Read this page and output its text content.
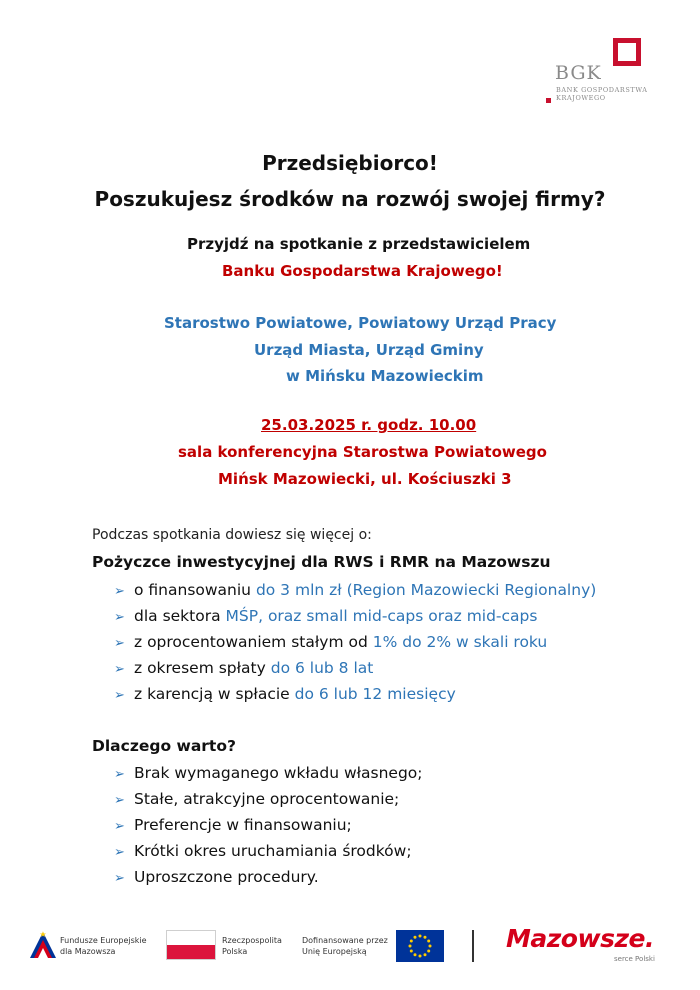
BGK
BANK GOSPODARSTWA
KRAJOWEGO
Przedsiębiorco!
Poszukujesz środków na rozwój swojej firmy?
Przyjdź na spotkanie z przedstawicielem
Banku Gospodarstwa Krajowego!
Starostwo Powiatowe, Powiatowy Urząd Pracy
Urząd Miasta, Urząd Gminy
w Mińsku Mazowieckim
25.03.2025 r. godz. 10.00
sala konferencyjna Starostwa Powiatowego
Mińsk Mazowiecki, ul. Kościuszki 3
Podczas spotkania dowiesz się więcej o:
Pożyczce inwestycyjnej dla RWS i RMR na Mazowszu
➢ o finansowaniu do 3 mln zł (Region Mazowiecki Regionalny)
➢ dla sektora MŚP, oraz small mid-caps oraz mid-caps
➢ z oprocentowaniem stałym od 1% do 2% w skali roku
➢ z okresem spłaty do 6 lub 8 lat
➢ z karencją w spłacie do 6 lub 12 miesięcy
Dlaczego warto?
➢ Brak wymaganego wkładu własnego;
➢ Stałe, atrakcyjne oprocentowanie;
➢ Preferencje w finansowaniu;
➢ Krótki okres uruchamiania środków;
➢ Uproszczone procedury.
★
Fundusze Europejskie
dla Mazowsza
Rzeczpospolita
Polska
Dofinansowane przez
Unię Europejską	Mazowsze.
serce Polski
